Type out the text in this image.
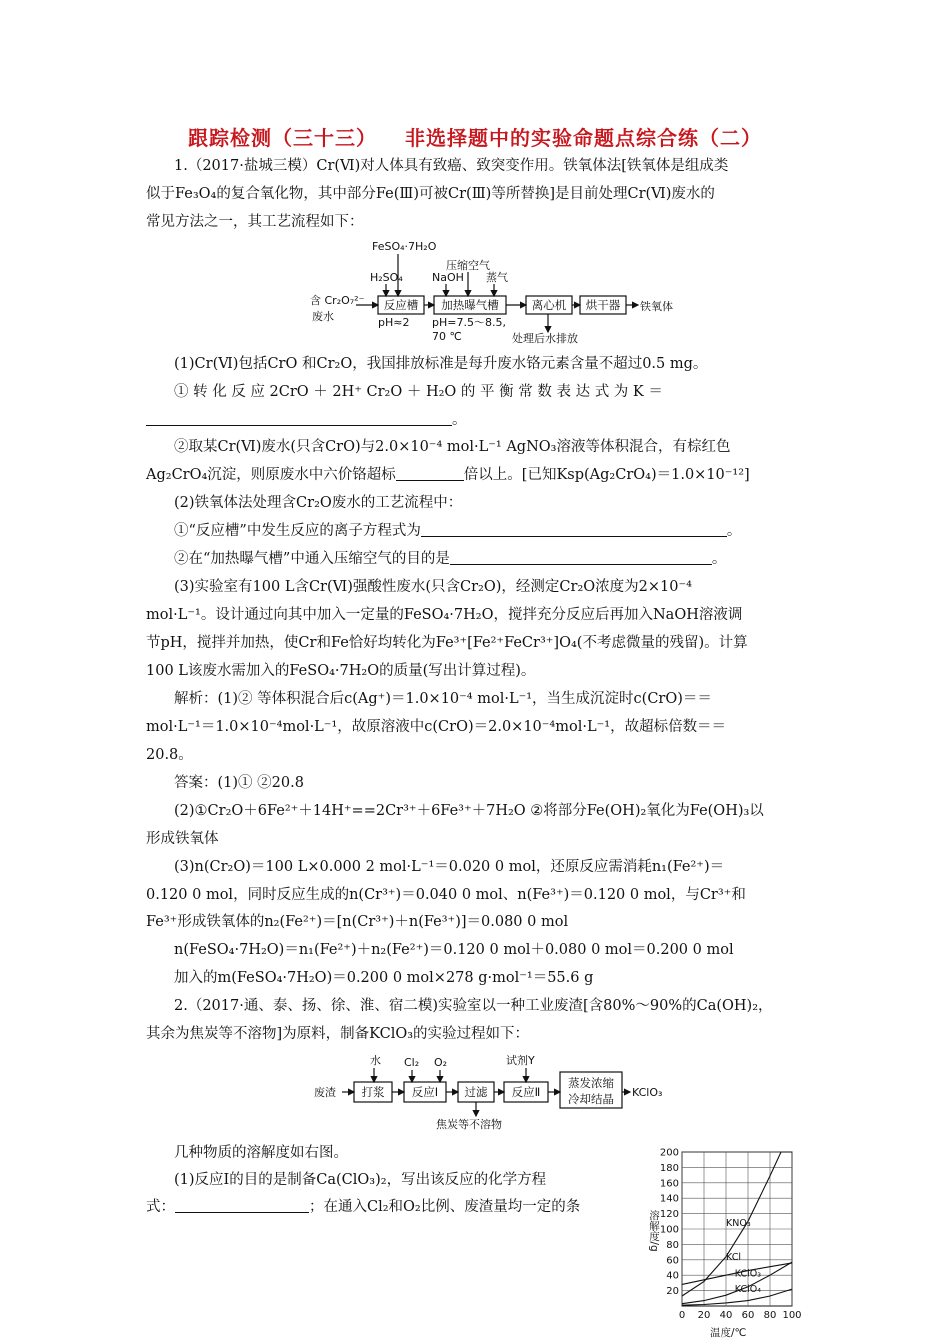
跟踪检测（三十三） 非选择题中的实验命题点综合练（二）
1.（2017·盐城三模）Cr(Ⅵ)对人体具有致癌、致突变作用。铁氧体法[铁氧体是组成类
似于Fe₃O₄的复合氧化物，其中部分Fe(Ⅲ)可被Cr(Ⅲ)等所替换]是目前处理Cr(Ⅵ)废水的
常见方法之一，其工艺流程如下：
FeSO₄·7H₂O
压缩空气
H₂SO₄	NaOH 蒸气
含 Cr₂O₇²⁻
废水	pH≈2 pH=7.5～8.5,
70 ℃	处理后水排放
铁氧体
反应槽 加热曝气槽	离心机 烘干器
(1)Cr(Ⅵ)包括CrO 和Cr₂O，我国排放标准是每升废水铬元素含量不超过0.5 mg。
① 转 化 反 应 2CrO ＋ 2H⁺ Cr₂O ＋ H₂O 的 平 衡 常 数 表 达 式 为 K ＝
。
②取某Cr(Ⅵ)废水(只含CrO)与2.0×10⁻⁴ mol·L⁻¹ AgNO₃溶液等体积混合，有棕红色
Ag₂CrO₄沉淀，则原废水中六价铬超标	倍以上。[已知Ksp(Ag₂CrO₄)＝1.0×10⁻¹²]
(2)铁氧体法处理含Cr₂O废水的工艺流程中：
①“反应槽”中发生反应的离子方程式为	。
②在“加热曝气槽”中通入压缩空气的目的是	。
(3)实验室有100 L含Cr(Ⅵ)强酸性废水(只含Cr₂O)，经测定Cr₂O浓度为2×10⁻⁴
mol·L⁻¹。设计通过向其中加入一定量的FeSO₄·7H₂O，搅拌充分反应后再加入NaOH溶液调
节pH，搅拌并加热，使Cr和Fe恰好均转化为Fe³⁺[Fe²⁺FeCr³⁺]O₄(不考虑微量的残留)。计算
100 L该废水需加入的FeSO₄·7H₂O的质量(写出计算过程)。
解析：(1)② 等体积混合后c(Ag⁺)＝1.0×10⁻⁴ mol·L⁻¹，当生成沉淀时c(CrO)＝＝
mol·L⁻¹＝1.0×10⁻⁴mol·L⁻¹，故原溶液中c(CrO)＝2.0×10⁻⁴mol·L⁻¹，故超标倍数＝＝
20.8。
答案：(1)① ②20.8
(2)①Cr₂O＋6Fe²⁺＋14H⁺==2Cr³⁺＋6Fe³⁺＋7H₂O ②将部分Fe(OH)₂氧化为Fe(OH)₃以
形成铁氧体
(3)n(Cr₂O)＝100 L×0.000 2 mol·L⁻¹＝0.020 0 mol，还原反应需消耗n₁(Fe²⁺)＝
0.120 0 mol，同时反应生成的n(Cr³⁺)＝0.040 0 mol、n(Fe³⁺)＝0.120 0 mol，与Cr³⁺和
Fe³⁺形成铁氧体的n₂(Fe²⁺)＝[n(Cr³⁺)＋n(Fe³⁺)]＝0.080 0 mol
n(FeSO₄·7H₂O)＝n₁(Fe²⁺)＋n₂(Fe²⁺)＝0.120 0 mol＋0.080 0 mol＝0.200 0 mol
加入的m(FeSO₄·7H₂O)＝0.200 0 mol×278 g·mol⁻¹＝55.6 g
2.（2017·通、泰、扬、徐、淮、宿二模)实验室以一种工业废渣[含80%～90%的Ca(OH)₂，
其余为焦炭等不溶物]为原料，制备KClO₃的实验过程如下：
水 Cl₂ O₂	试剂Y
废渣	KClO₃
焦炭等不溶物
打浆 反应Ⅰ 过滤 反应Ⅱ
蒸发浓缩
冷却结晶
几种物质的溶解度如右图。
(1)反应Ⅰ的目的是制备Ca(ClO₃)₂，写出该反应的化学方程
式：	；在通入Cl₂和O₂比例、废渣量均一定的条
20
40
60
80
100
120
140
160
180
200
0 20 40 60 80 100
KNO₃
KCl
KClO₃
KClO₄
溶解度/g
温度/℃
